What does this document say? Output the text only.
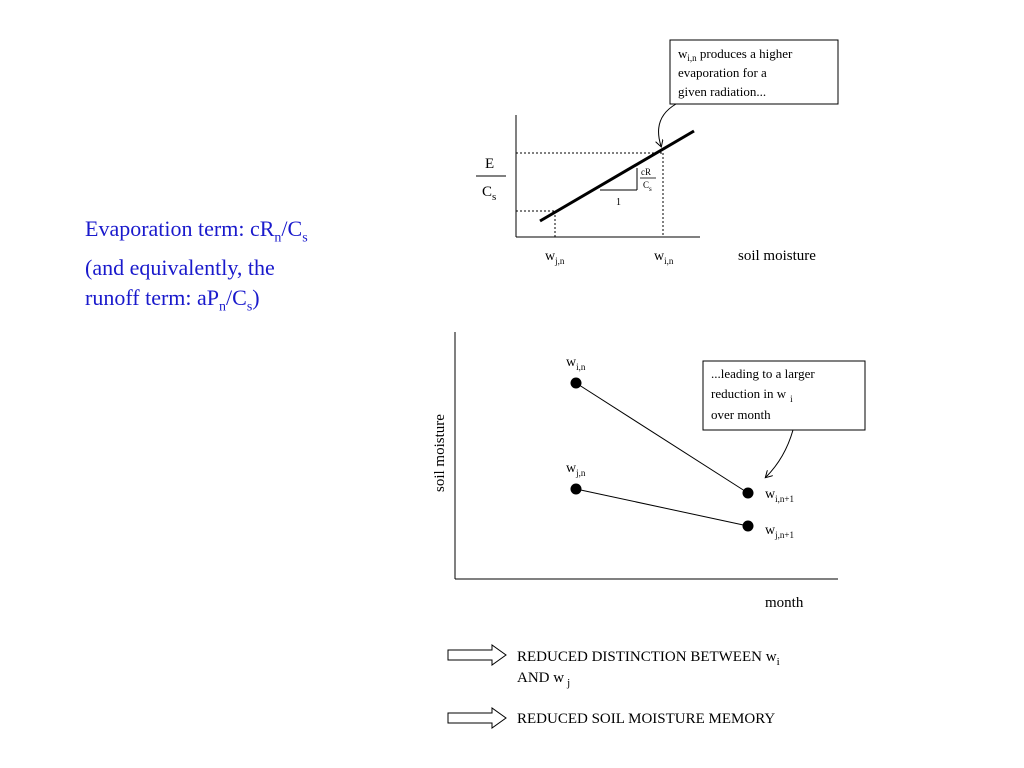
Evaporation term: $cR_n/C_s$
(and equivalently, the
runoff term: $aP_n/C_s$)
$w_{i,n}$ produces a higher
evaporation for a
given radiation...
1
cR
$C_s$
E
$C_s$
$w_{j,n}$	$w_{i,n}$	soil moisture
soil moisture
month
$w_{i,n}$
$w_{j,n}$
$w_{i,n+1}$
$w_{j,n+1}$
...leading to a larger
reduction in w $_i$
over month
REDUCED DISTINCTION BETWEEN $w_i$
AND w $_j$
REDUCED SOIL MOISTURE MEMORY
